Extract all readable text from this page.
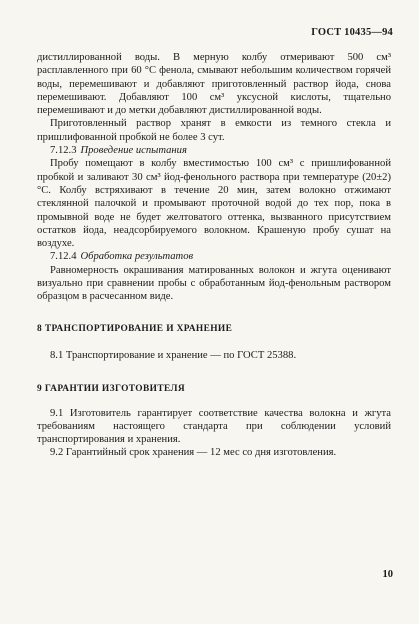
ГОСТ 10435—94

дистиллированной воды. В мерную колбу отмеривают 500 см³ расплавленного при 60 °С фенола, смывают небольшим количеством горячей воды, перемешивают и добавляют приготовленный раствор йода, снова перемешивают. Добавляют 100 см³ уксусной кислоты, тщательно перемешивают и до метки добавляют дистиллированной воды.

Приготовленный раствор хранят в емкости из темного стекла и пришлифованной пробкой не более 3 сут.

7.12.3 Проведение испытания

Пробу помещают в колбу вместимостью 100 см³ с пришлифованной пробкой и заливают 30 см³ йод-фенольного раствора при температуре (20±2)°С. Колбу встряхивают в течение 20 мин, затем волокно отжимают стеклянной палочкой и промывают проточной водой до тех пор, пока в промывной воде не будет желтоватого оттенка, вызванного присутствием остатков йода, неадсорбируемого волокном. Крашеную пробу сушат на воздухе.

7.12.4 Обработка результатов

Равномерность окрашивания матированных волокон и жгута оценивают визуально при сравнении пробы с обработанным йод-фенольным раствором образцом в расчесанном виде.

8 ТРАНСПОРТИРОВАНИЕ И ХРАНЕНИЕ

8.1 Транспортирование и хранение — по ГОСТ 25388.

9 ГАРАНТИИ ИЗГОТОВИТЕЛЯ

9.1 Изготовитель гарантирует соответствие качества волокна и жгута требованиям настоящего стандарта при соблюдении условий транспортирования и хранения.

9.2 Гарантийный срок хранения — 12 мес со дня изготовления.

10
